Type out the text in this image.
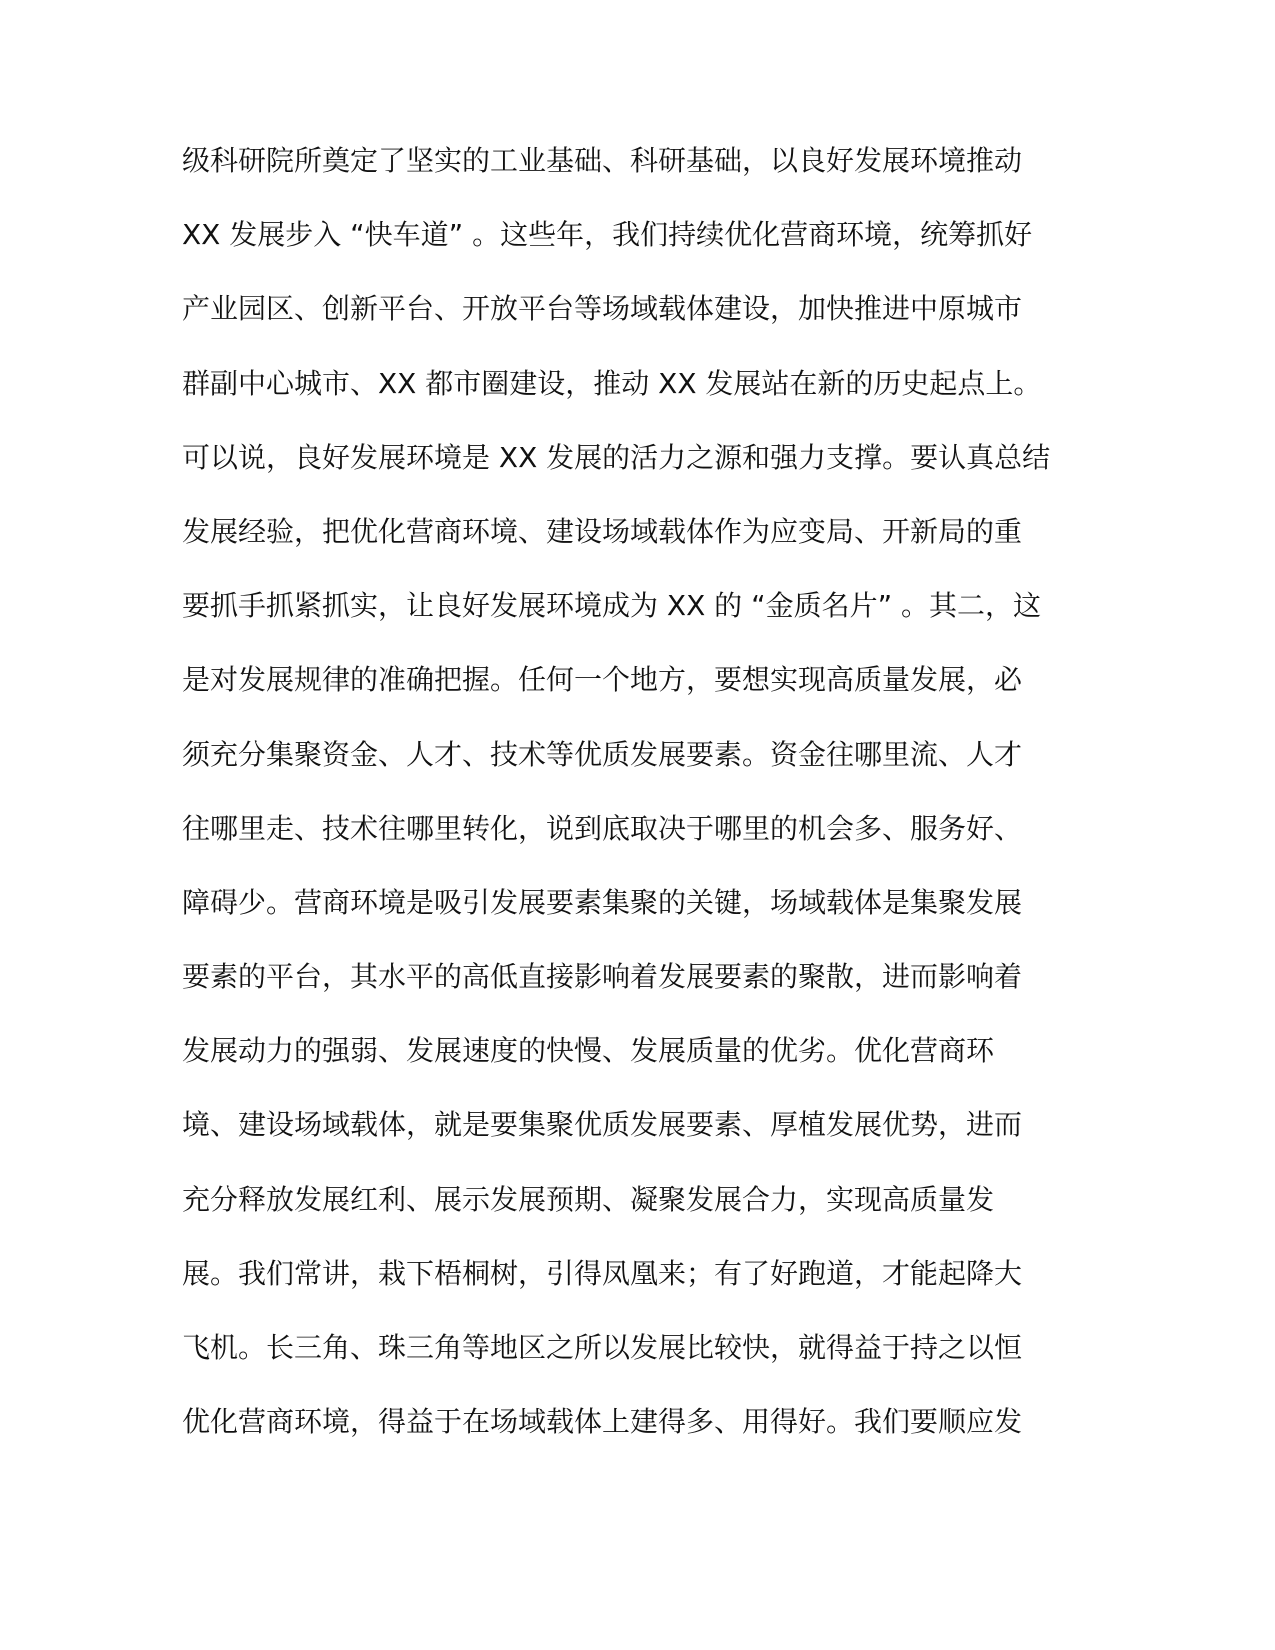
级科研院所奠定了坚实的工业基础、科研基础，以良好发展环境推动
XX 发展步入 “快车道” 。这些年，我们持续优化营商环境，统筹抓好
产业园区、创新平台、开放平台等场域载体建设，加快推进中原城市
群副中心城市、XX 都市圈建设，推动 XX 发展站在新的历史起点上。
可以说，良好发展环境是 XX 发展的活力之源和强力支撑。要认真总结
发展经验，把优化营商环境、建设场域载体作为应变局、开新局的重
要抓手抓紧抓实，让良好发展环境成为 XX 的 “金质名片” 。其二，这
是对发展规律的准确把握。任何一个地方，要想实现高质量发展，必
须充分集聚资金、人才、技术等优质发展要素。资金往哪里流、人才
往哪里走、技术往哪里转化，说到底取决于哪里的机会多、服务好、
障碍少。营商环境是吸引发展要素集聚的关键，场域载体是集聚发展
要素的平台，其水平的高低直接影响着发展要素的聚散，进而影响着
发展动力的强弱、发展速度的快慢、发展质量的优劣。优化营商环
境、建设场域载体，就是要集聚优质发展要素、厚植发展优势，进而
充分释放发展红利、展示发展预期、凝聚发展合力，实现高质量发
展。我们常讲，栽下梧桐树，引得凤凰来；有了好跑道，才能起降大
飞机。长三角、珠三角等地区之所以发展比较快，就得益于持之以恒
优化营商环境，得益于在场域载体上建得多、用得好。我们要顺应发
